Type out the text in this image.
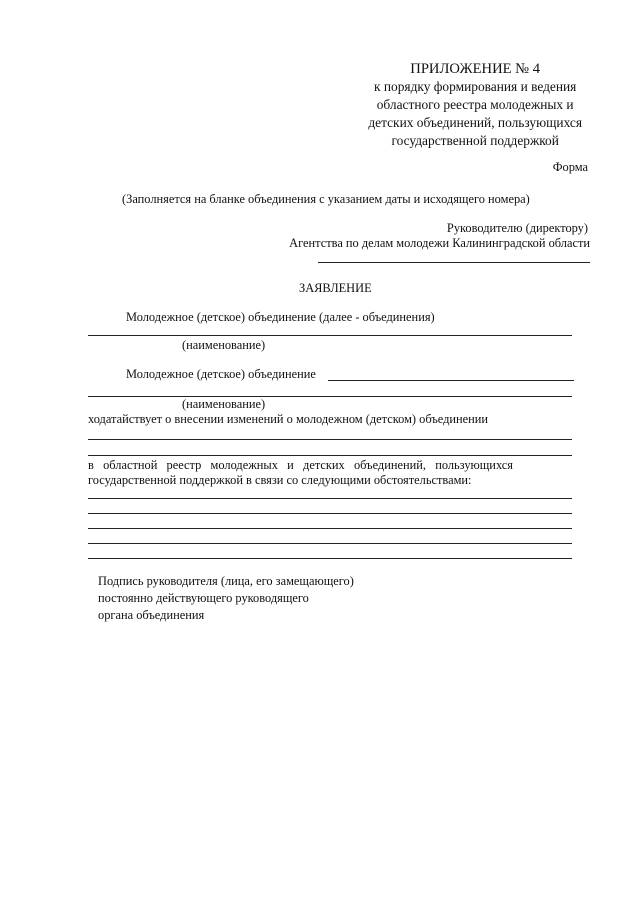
ПРИЛОЖЕНИЕ № 4
к порядку формирования и ведения
областного реестра молодежных и
детских объединений, пользующихся
государственной поддержкой
Форма
(Заполняется на бланке объединения с указанием даты и исходящего номера)
Руководителю (директору)
Агентства по делам молодежи Калининградской области
ЗАЯВЛЕНИЕ
Молодежное (детское) объединение (далее - объединения)
(наименование)
Молодежное (детское) объединение
(наименование)
ходатайствует о внесении изменений о молодежном (детском) объединении
в областной реестр молодежных и детских объединений, пользующихся
государственной поддержкой в связи со следующими обстоятельствами:
Подпись руководителя (лица, его замещающего)
постоянно действующего руководящего
органа объединения
